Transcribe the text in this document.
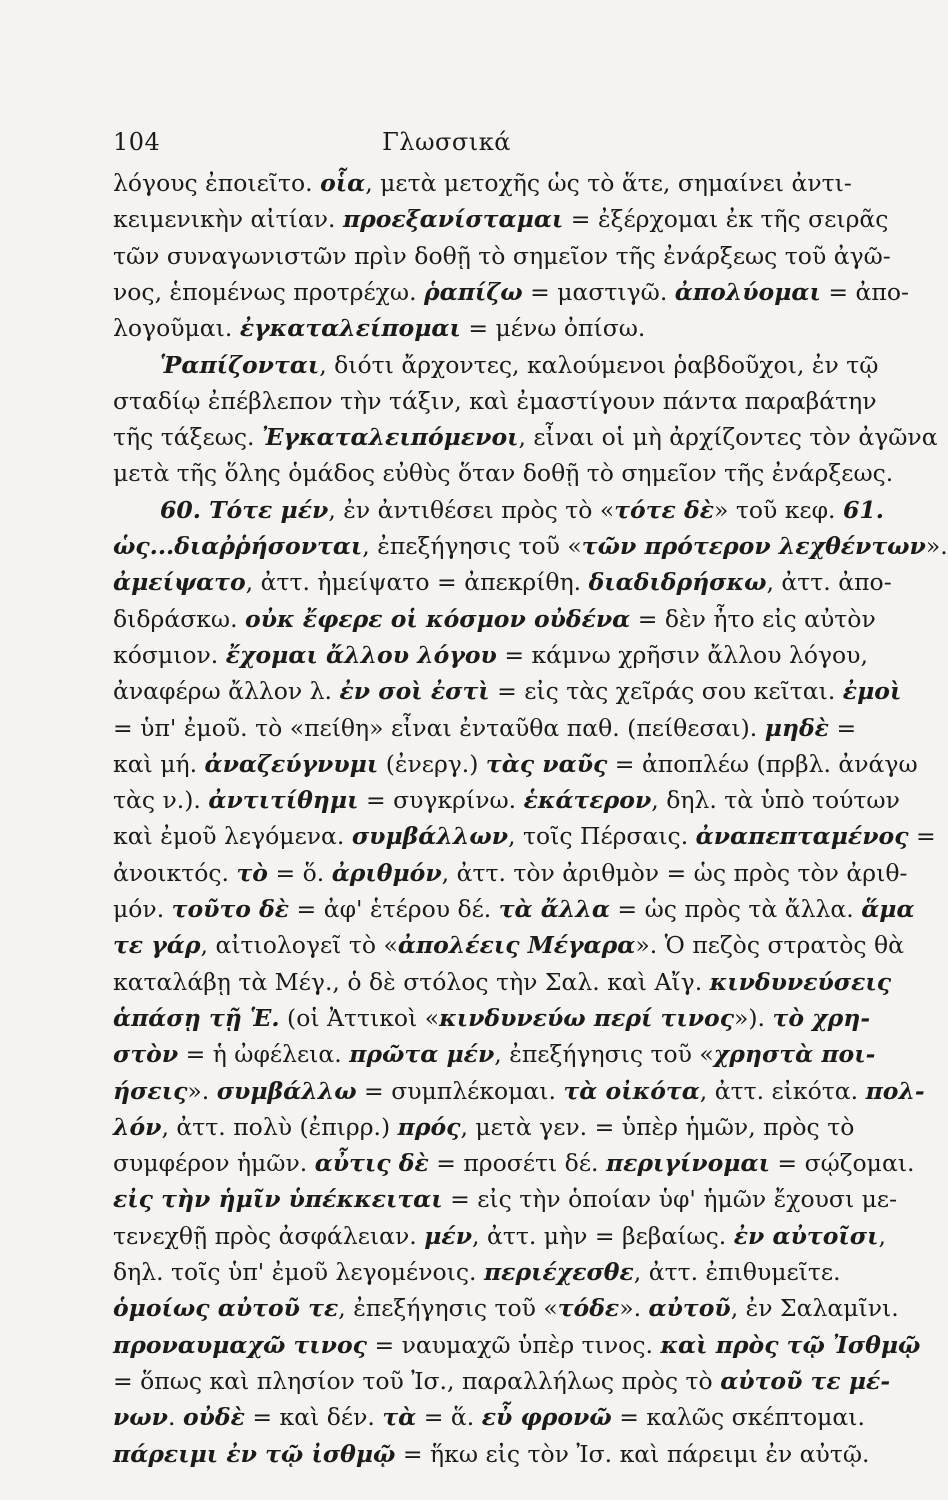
104	Γλωσσικά
λόγους ἐποιεῖτο. οἷα, μετὰ μετοχῆς ὡς τὸ ἅτε, σημαίνει ἀντι-
κειμενικὴν αἰτίαν. προεξανίσταμαι = ἐξέρχομαι ἐκ τῆς σειρᾶς
τῶν συναγωνιστῶν πρὶν δοθῇ τὸ σημεῖον τῆς ἐνάρξεως τοῦ ἀγῶ-
νος, ἑπομένως προτρέχω. ῥαπίζω = μαστιγῶ. ἀπολύομαι = ἀπο-
λογοῦμαι. ἐγκαταλείπομαι = μένω ὀπίσω.
Ῥαπίζονται, διότι ἄρχοντες, καλούμενοι ῥαβδοῦχοι, ἐν τῷ
σταδίῳ ἐπέβλεπον τὴν τάξιν, καὶ ἐμαστίγουν πάντα παραβάτην
τῆς τάξεως. Ἐγκαταλειπόμενοι, εἶναι οἱ μὴ ἀρχίζοντες τὸν ἀγῶνα
μετὰ τῆς ὅλης ὁμάδος εὐθὺς ὅταν δοθῇ τὸ σημεῖον τῆς ἐνάρξεως.
60. Τότε μέν, ἐν ἀντιθέσει πρὸς τὸ «τότε δὲ» τοῦ κεφ. 61.
ὡς...διαῤῥήσονται, ἐπεξήγησις τοῦ «τῶν πρότερον λεχθέντων».
ἀμείψατο, ἀττ. ἠμείψατο = ἀπεκρίθη. διαδιδρήσκω, ἀττ. ἀπο-
διδράσκω. οὐκ ἔφερε οἱ κόσμον οὐδένα = δὲν ἦτο εἰς αὐτὸν
κόσμιον. ἔχομαι ἄλλου λόγου = κάμνω χρῆσιν ἄλλου λόγου,
ἀναφέρω ἄλλον λ. ἐν σοὶ ἐστὶ = εἰς τὰς χεῖράς σου κεῖται. ἐμοὶ
= ὑπ' ἐμοῦ. τὸ «πείθη» εἶναι ἐνταῦθα παθ. (πείθεσαι). μηδὲ =
καὶ μή. ἀναζεύγνυμι (ἐνεργ.) τὰς ναῦς = ἀποπλέω (πρβλ. ἀνάγω
τὰς ν.). ἀντιτίθημι = συγκρίνω. ἑκάτερον, δηλ. τὰ ὑπὸ τούτων
καὶ ἐμοῦ λεγόμενα. συμβάλλων, τοῖς Πέρσαις. ἀναπεπταμένος =
ἀνοικτός. τὸ = ὅ. ἀριθμόν, ἀττ. τὸν ἀριθμὸν = ὡς πρὸς τὸν ἀριθ-
μόν. τοῦτο δὲ = ἀφ' ἑτέρου δέ. τὰ ἄλλα = ὡς πρὸς τὰ ἄλλα. ἅμα
τε γάρ, αἰτιολογεῖ τὸ «ἀπολέεις Μέγαρα». Ὁ πεζὸς στρατὸς θὰ
καταλάβῃ τὰ Μέγ., ὁ δὲ στόλος τὴν Σαλ. καὶ Αἴγ. κινδυνεύσεις
ἁπάσῃ τῇ Ἑ. (οἱ Ἀττικοὶ «κινδυνεύω περί τινος»). τὸ χρη-
στὸν = ἡ ὠφέλεια. πρῶτα μέν, ἐπεξήγησις τοῦ «χρηστὰ ποι-
ήσεις». συμβάλλω = συμπλέκομαι. τὰ οἰκότα, ἀττ. εἰκότα. πολ-
λόν, ἀττ. πολὺ (ἐπιρρ.) πρός, μετὰ γεν. = ὑπὲρ ἡμῶν, πρὸς τὸ
συμφέρον ἡμῶν. αὖτις δὲ = προσέτι δέ. περιγίνομαι = σῴζομαι.
εἰς τὴν ἡμῖν ὑπέκκειται = εἰς τὴν ὁποίαν ὑφ' ἡμῶν ἔχουσι με-
τενεχθῇ πρὸς ἀσφάλειαν. μέν, ἀττ. μὴν = βεβαίως. ἐν αὐτοῖσι,
δηλ. τοῖς ὑπ' ἐμοῦ λεγομένοις. περιέχεσθε, ἀττ. ἐπιθυμεῖτε.
ὁμοίως αὐτοῦ τε, ἐπεξήγησις τοῦ «τόδε». αὐτοῦ, ἐν Σαλαμῖνι.
προναυμαχῶ τινος = ναυμαχῶ ὑπὲρ τινος. καὶ πρὸς τῷ Ἰσθμῷ
= ὅπως καὶ πλησίον τοῦ Ἰσ., παραλλήλως πρὸς τὸ αὐτοῦ τε μέ-
νων. οὐδὲ = καὶ δέν. τὰ = ἅ. εὖ φρονῶ = καλῶς σκέπτομαι.
πάρειμι ἐν τῷ ἰσθμῷ = ἥκω εἰς τὸν Ἰσ. καὶ πάρειμι ἐν αὐτῷ.
